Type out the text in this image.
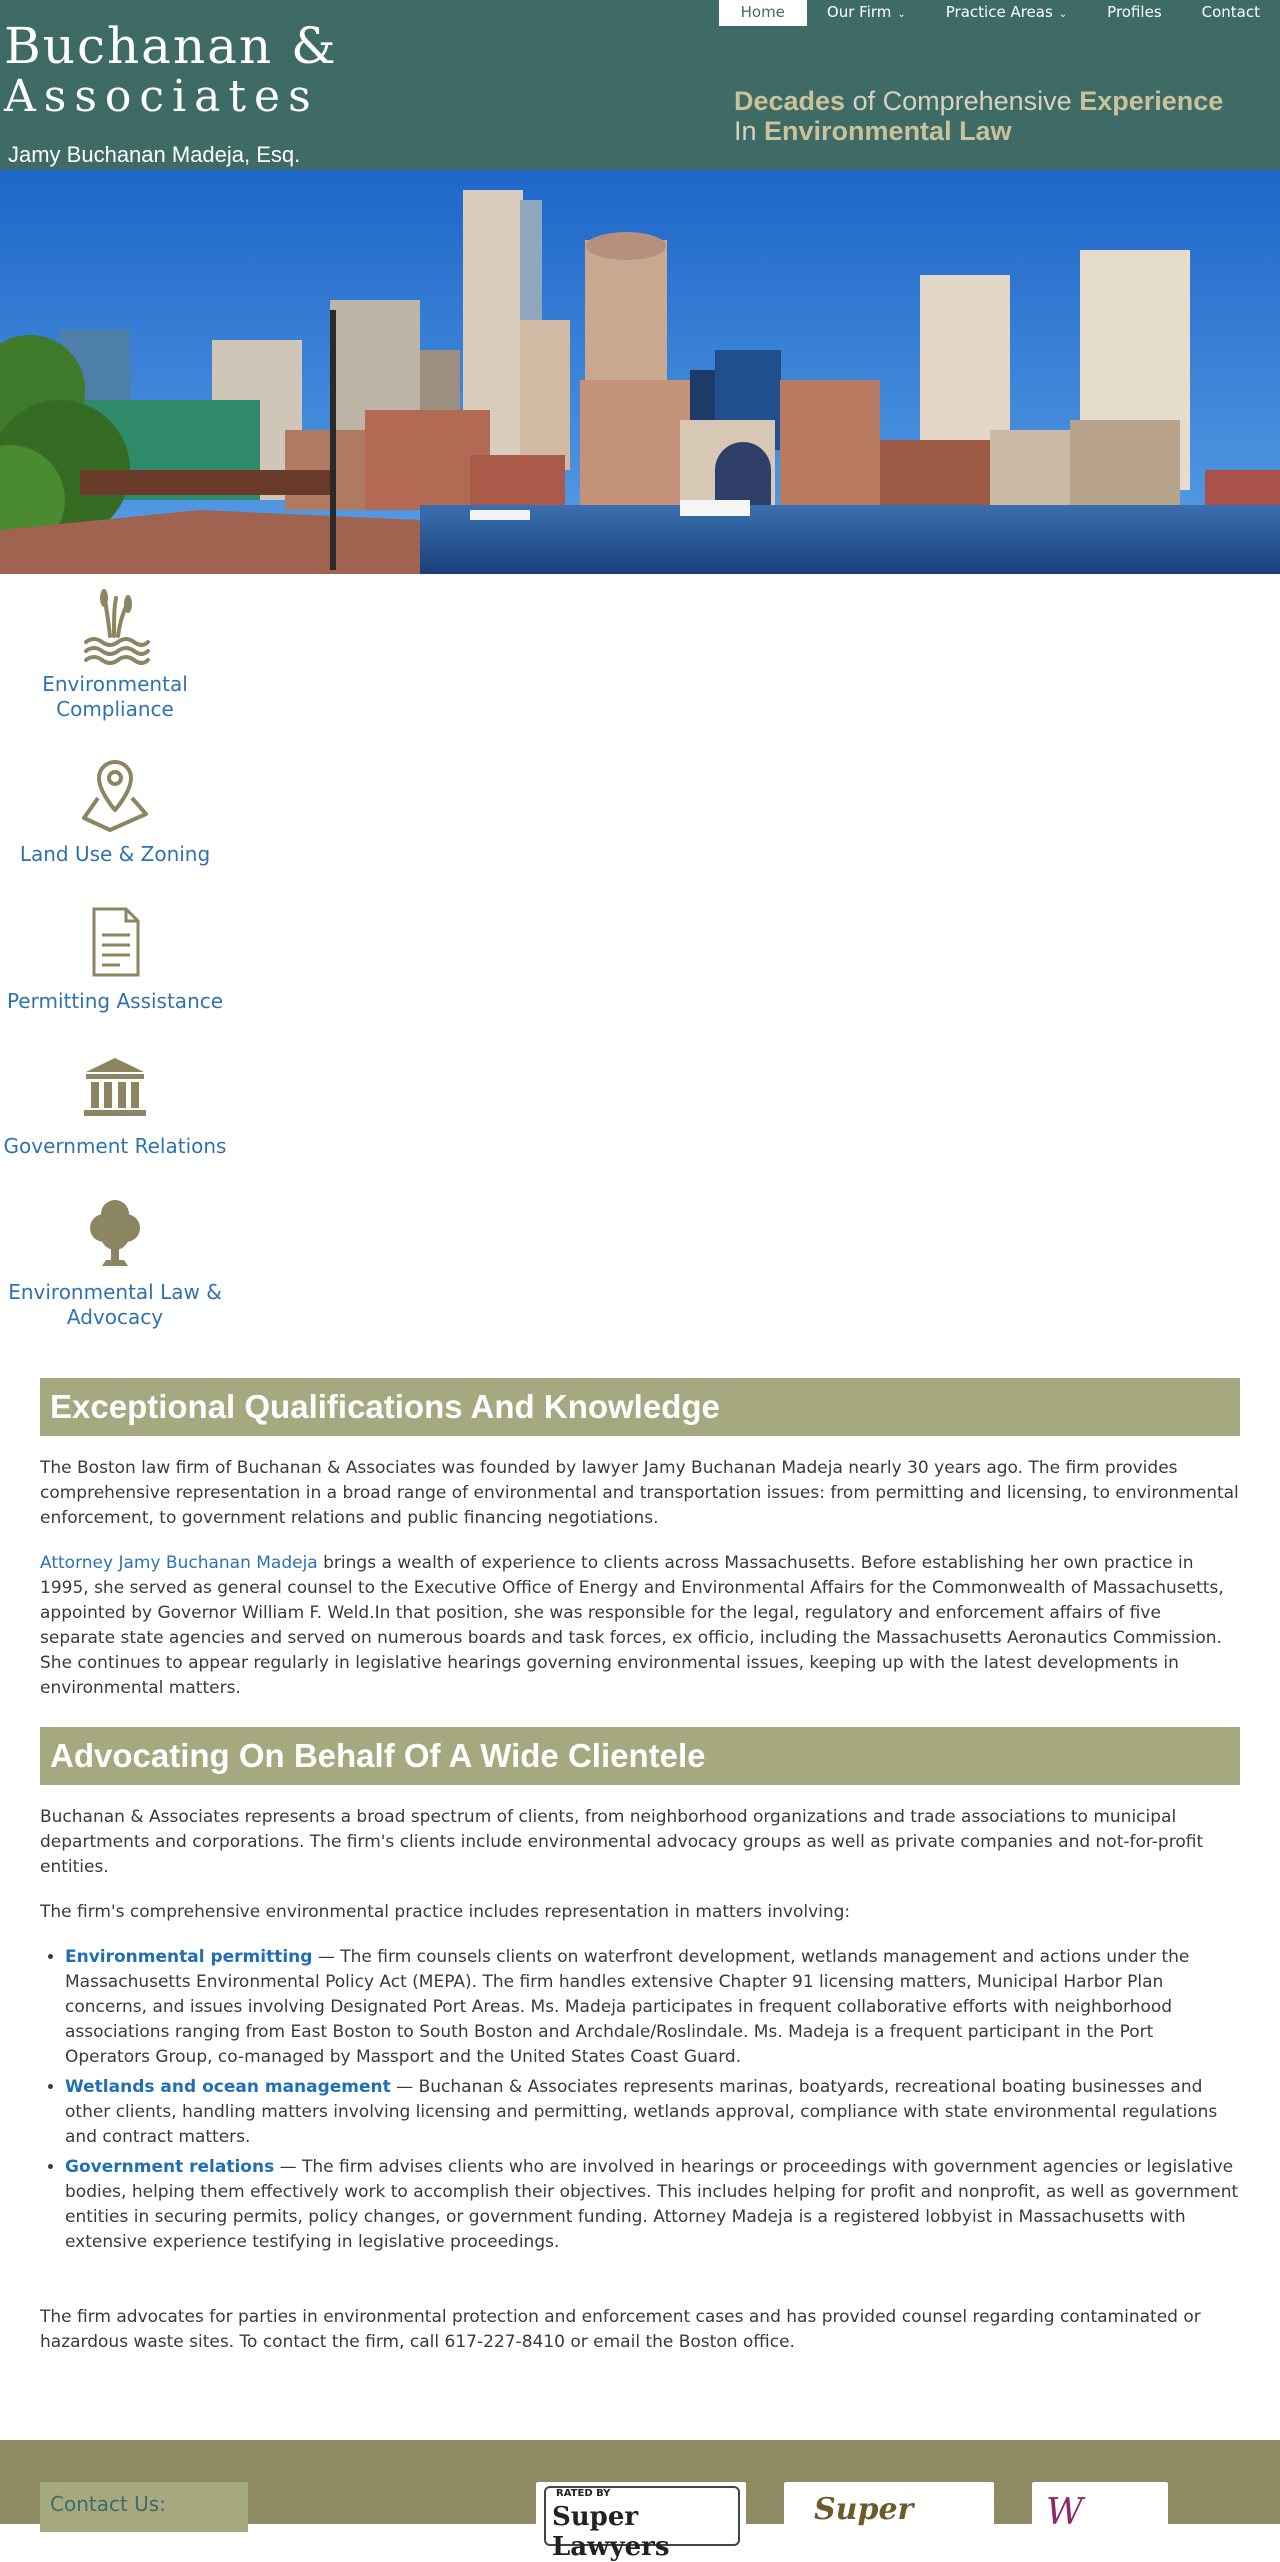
Buchanan &
Associates
Jamy Buchanan Madeja, Esq.
Decades of Comprehensive Experience
In Environmental Law
Home	Our Firm ⌄	Practice Areas ⌄	Profiles	Contact
Environmental Compliance
Land Use & Zoning
Permitting Assistance
Government Relations
Environmental Law & Advocacy
Exceptional Qualifications And Knowledge

The Boston law firm of Buchanan & Associates was founded by lawyer Jamy Buchanan Madeja nearly 30 years ago. The firm provides comprehensive representation in a broad range of environmental and transportation issues: from permitting and licensing, to environmental enforcement, to government relations and public financing negotiations.

Attorney Jamy Buchanan Madeja brings a wealth of experience to clients across Massachusetts. Before establishing her own practice in 1995, she served as general counsel to the Executive Office of Energy and Environmental Affairs for the Commonwealth of Massachusetts, appointed by Governor William F. Weld.In that position, she was responsible for the legal, regulatory and enforcement affairs of five separate state agencies and served on numerous boards and task forces, ex officio, including the Massachusetts Aeronautics Commission. She continues to appear regularly in legislative hearings governing environmental issues, keeping up with the latest developments in environmental matters.

Advocating On Behalf Of A Wide Clientele

Buchanan & Associates represents a broad spectrum of clients, from neighborhood organizations and trade associations to municipal departments and corporations. The firm's clients include environmental advocacy groups as well as private companies and not-for-profit entities.

The firm's comprehensive environmental practice includes representation in matters involving:

• Environmental permitting — The firm counsels clients on waterfront development, wetlands management and actions under the Massachusetts Environmental Policy Act (MEPA). The firm handles extensive Chapter 91 licensing matters, Municipal Harbor Plan concerns, and issues involving Designated Port Areas. Ms. Madeja participates in frequent collaborative efforts with neighborhood associations ranging from East Boston to South Boston and Archdale/Roslindale. Ms. Madeja is a frequent participant in the Port Operators Group, co-managed by Massport and the United States Coast Guard.
• Wetlands and ocean management — Buchanan & Associates represents marinas, boatyards, recreational boating businesses and other clients, handling matters involving licensing and permitting, wetlands approval, compliance with state environmental regulations and contract matters.
• Government relations — The firm advises clients who are involved in hearings or proceedings with government agencies or legislative bodies, helping them effectively work to accomplish their objectives. This includes helping for profit and nonprofit, as well as government entities in securing permits, policy changes, or government funding. Attorney Madeja is a registered lobbyist in Massachusetts with extensive experience testifying in legislative proceedings.

The firm advocates for parties in environmental protection and enforcement cases and has provided counsel regarding contaminated or hazardous waste sites. To contact the firm, call 617-227-8410 or email the Boston office.

Contact Us:	RATED BY
Super Lawyers
Super	W
